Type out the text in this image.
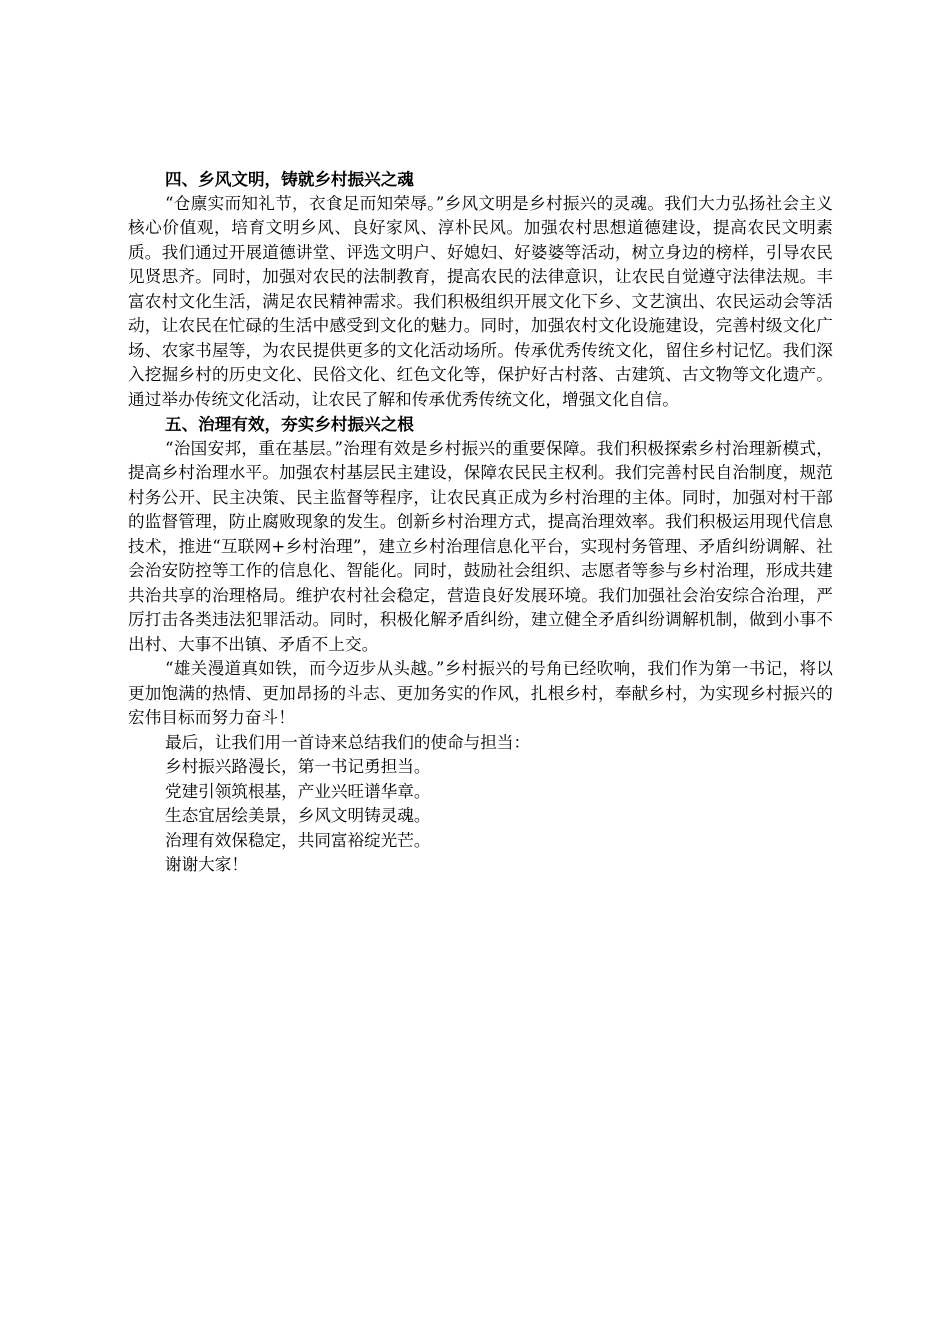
四、乡风文明，铸就乡村振兴之魂

“仓廪实而知礼节，衣食足而知荣辱。”乡风文明是乡村振兴的灵魂。我们大力弘扬社会主义核心价值观，培育文明乡风、良好家风、淳朴民风。加强农村思想道德建设，提高农民文明素质。我们通过开展道德讲堂、评选文明户、好媳妇、好婆婆等活动，树立身边的榜样，引导农民见贤思齐。同时，加强对农民的法制教育，提高农民的法律意识，让农民自觉遵守法律法规。丰富农村文化生活，满足农民精神需求。我们积极组织开展文化下乡、文艺演出、农民运动会等活动，让农民在忙碌的生活中感受到文化的魅力。同时，加强农村文化设施建设，完善村级文化广场、农家书屋等，为农民提供更多的文化活动场所。传承优秀传统文化，留住乡村记忆。我们深入挖掘乡村的历史文化、民俗文化、红色文化等，保护好古村落、古建筑、古文物等文化遗产。通过举办传统文化活动，让农民了解和传承优秀传统文化，增强文化自信。

五、治理有效，夯实乡村振兴之根

“治国安邦，重在基层。”治理有效是乡村振兴的重要保障。我们积极探索乡村治理新模式，提高乡村治理水平。加强农村基层民主建设，保障农民民主权利。我们完善村民自治制度，规范村务公开、民主决策、民主监督等程序，让农民真正成为乡村治理的主体。同时，加强对村干部的监督管理，防止腐败现象的发生。创新乡村治理方式，提高治理效率。我们积极运用现代信息技术，推进“互联网+乡村治理”，建立乡村治理信息化平台，实现村务管理、矛盾纠纷调解、社会治安防控等工作的信息化、智能化。同时，鼓励社会组织、志愿者等参与乡村治理，形成共建共治共享的治理格局。维护农村社会稳定，营造良好发展环境。我们加强社会治安综合治理，严厉打击各类违法犯罪活动。同时，积极化解矛盾纠纷，建立健全矛盾纠纷调解机制，做到小事不出村、大事不出镇、矛盾不上交。

“雄关漫道真如铁，而今迈步从头越。”乡村振兴的号角已经吹响，我们作为第一书记，将以更加饱满的热情、更加昂扬的斗志、更加务实的作风，扎根乡村，奉献乡村，为实现乡村振兴的宏伟目标而努力奋斗！

最后，让我们用一首诗来总结我们的使命与担当：

乡村振兴路漫长，第一书记勇担当。

党建引领筑根基，产业兴旺谱华章。

生态宜居绘美景，乡风文明铸灵魂。

治理有效保稳定，共同富裕绽光芒。

谢谢大家！
